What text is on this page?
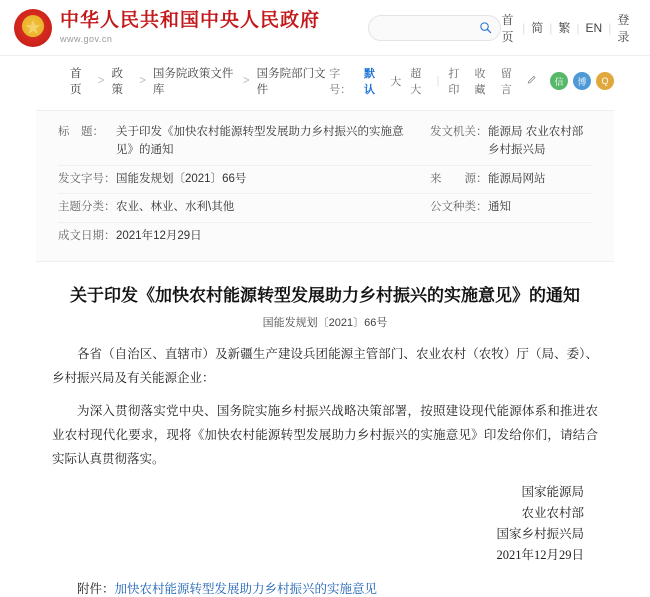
中华人民共和国中央人民政府
www.gov.cn
首页
| 简 | 繁 | EN |
登录
首页
>
政策
>
国务院政策文件库
>
国务院部门文件
字号：
默认
大
超大
|
打印
收藏
留言
信	博	Q
标　题：	关于印发《加快农村能源转型发展助力乡村振兴的实施意见》的通知	发文机关：	能源局 农业农村部 乡村振兴局
发文字号：	国能发规划〔2021〕66号	来　　源：	能源局网站
主题分类：	农业、林业、水利\其他	公文种类：	通知
成文日期：	2021年12月29日		
关于印发《加快农村能源转型发展助力乡村振兴的实施意见》的通知
国能发规划〔2021〕66号

各省（自治区、直辖市）及新疆生产建设兵团能源主管部门、农业农村（农牧）厅（局、委）、乡村振兴局及有关能源企业：

为深入贯彻落实党中央、国务院实施乡村振兴战略决策部署，按照建设现代能源体系和推进农业农村现代化要求，现将《加快农村能源转型发展助力乡村振兴的实施意见》印发给你们，请结合实际认真贯彻落实。

国家能源局
农业农村部
国家乡村振兴局
2021年12月29日
附件：加快农村能源转型发展助力乡村振兴的实施意见
